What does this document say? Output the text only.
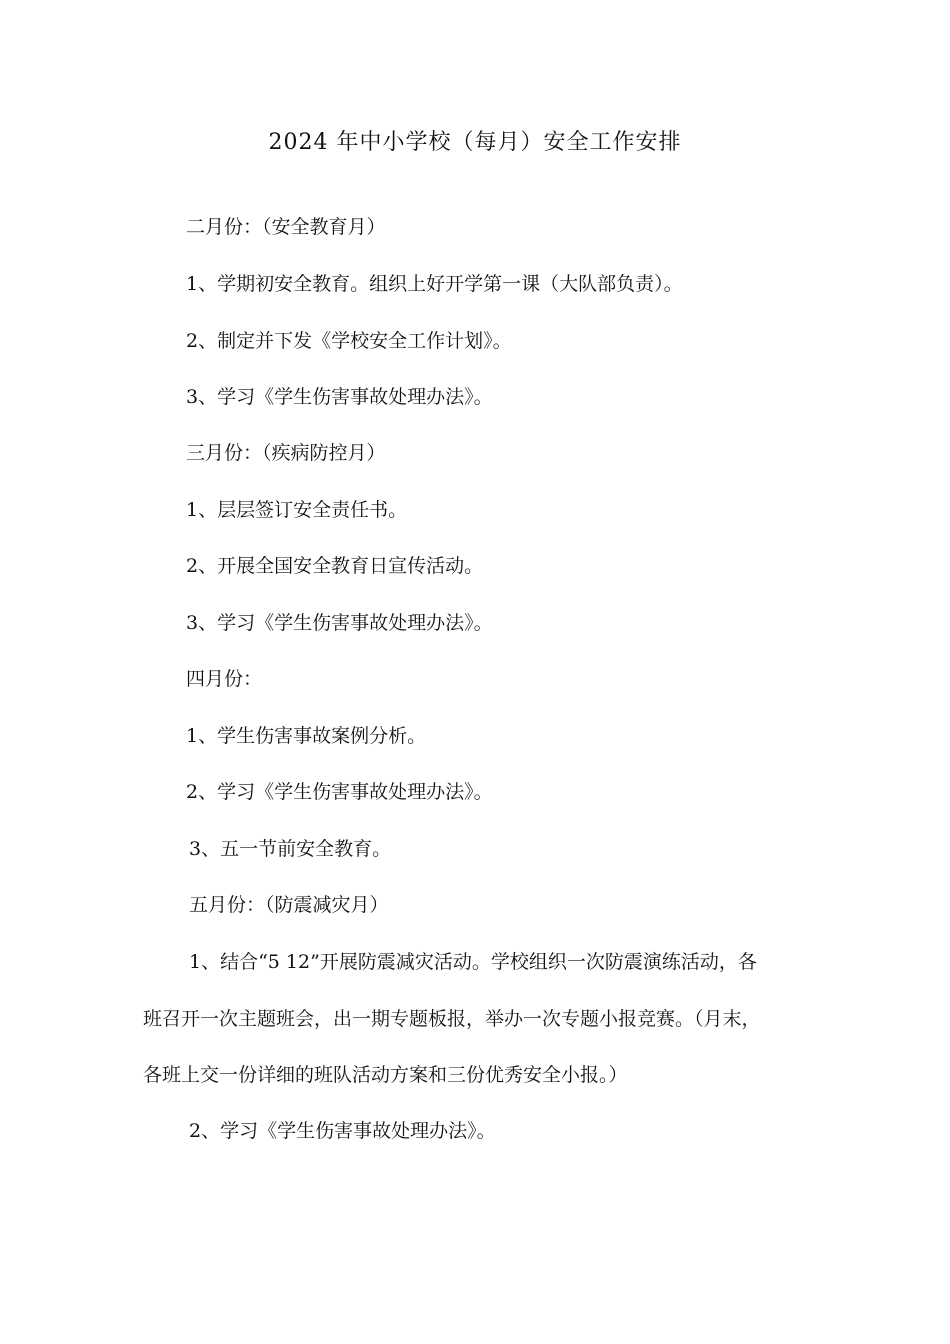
2024 年中小学校（每月）安全工作安排
二月份：（安全教育月）
1、学期初安全教育。组织上好开学第一课（大队部负责）。
2、制定并下发《学校安全工作计划》。
3、学习《学生伤害事故处理办法》。
三月份：（疾病防控月）
1、层层签订安全责任书。
2、开展全国安全教育日宣传活动。
3、学习《学生伤害事故处理办法》。
四月份：
1、学生伤害事故案例分析。
2、学习《学生伤害事故处理办法》。
3、五一节前安全教育。
五月份：（防震减灾月）
1、结合“5 12”开展防震减灾活动。学校组织一次防震演练活动，各
班召开一次主题班会，出一期专题板报，举办一次专题小报竞赛。（月末，
各班上交一份详细的班队活动方案和三份优秀安全小报。）
2、学习《学生伤害事故处理办法》。
